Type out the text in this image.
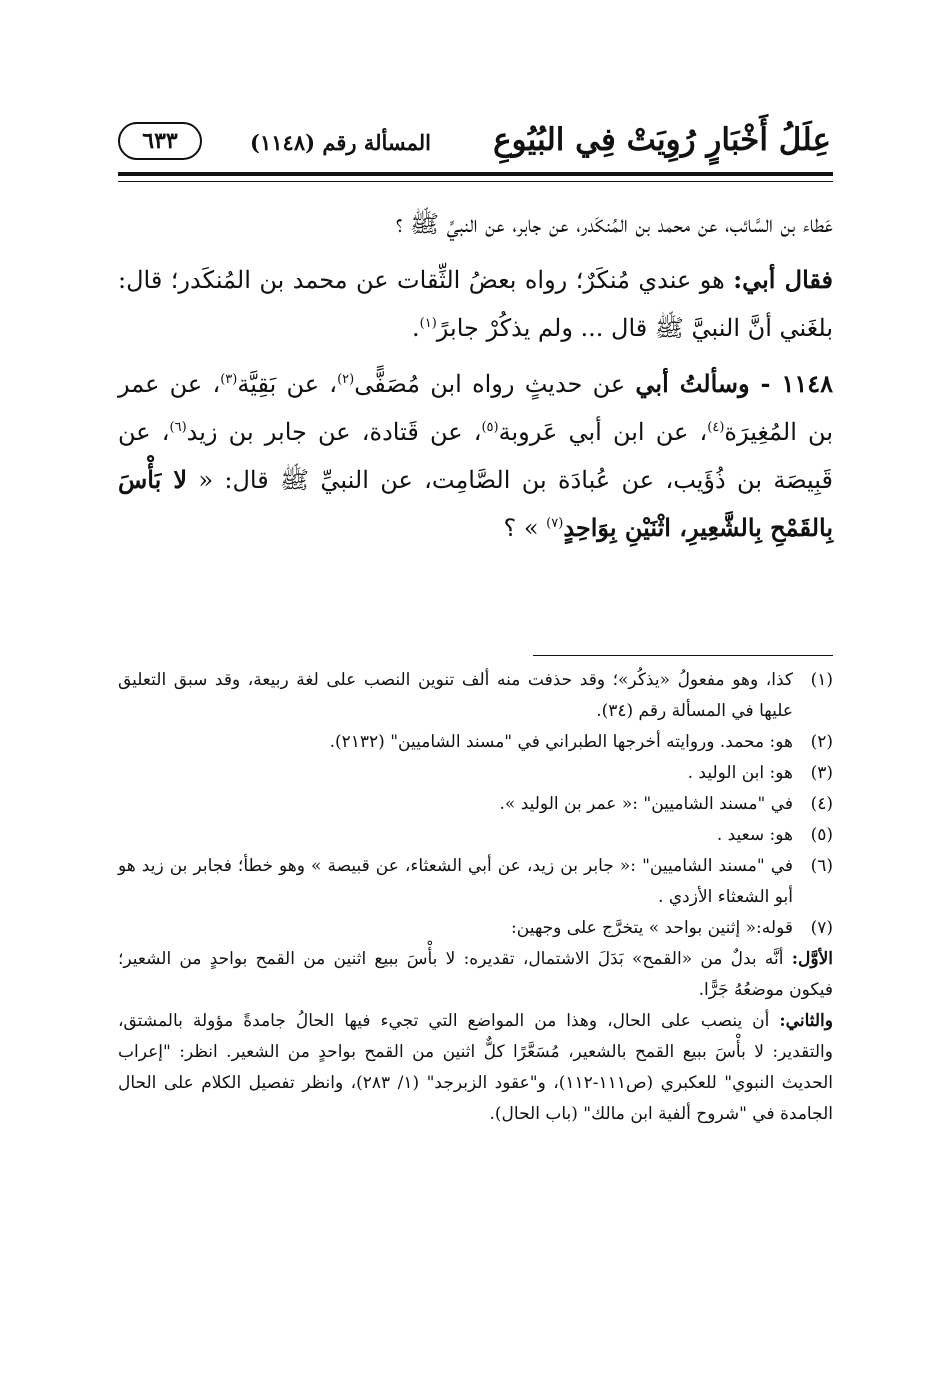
عِلَلُ أَخْبَارٍ رُوِيَتْ فِي البُيُوعِ
المسألة رقم (١١٤٨)
٦٣٣

عَطاء بن السَّائب، عن محمد بن المُنكَدر، عن جابر، عن النبيِّ ﷺ ؟

فقال أبي: هو عندي مُنكَرٌ؛ رواه بعضُ الثِّقات عن محمد بن المُنكَدر؛ قال: بلغَني أنَّ النبيَّ ﷺ قال ... ولم يذكُرْ جابرً$^{(١)}$.

١١٤٨ - وسألتُ أبي عن حديثٍ رواه ابن مُصَفًّى$^{(٢)}$، عن بَقِيَّة$^{(٣)}$، عن عمر بن المُغِيرَة$^{(٤)}$، عن ابن أبي عَروبة$^{(٥)}$، عن قَتادة، عن جابر بن زيد$^{(٦)}$، عن قَبِيصَة بن ذُؤَيب، عن عُبادَة بن الصَّامِت، عن النبيِّ ﷺ قال: « لا بَأْسَ بِالقَمْحِ بِالشَّعِيرِ، اثْنَيْنِ بِوَاحِدٍ$^{(٧)}$ » ؟

(١)
كذا، وهو مفعولُ «يذكُر»؛ وقد حذفت منه ألف تنوين النصب على لغة ربيعة، وقد سبق التعليق عليها في المسألة رقم (٣٤).
(٢)
هو: محمد. وروايته أخرجها الطبراني في "مسند الشاميين" (٢١٣٢).
(٣)
هو: ابن الوليد .
(٤)
في "مسند الشاميين" :« عمر بن الوليد ».
(٥)
هو: سعيد .
(٦)
في "مسند الشاميين" :« جابر بن زيد، عن أبي الشعثاء، عن قبيصة » وهو خطأ؛ فجابر بن زيد هو أبو الشعثاء الأزدي .
(٧)
قوله:« إثنين بواحد » يتخرَّج على وجهين:

الأوَّل: أنَّه بدلٌ من «القمح» بَدَلَ الاشتمال، تقديره: لا بأْسَ ببيع اثنين من القمح بواحدٍ من الشعير؛ فيكون موضعُهُ جَرًّا.

والثاني: أن ينصب على الحال، وهذا من المواضع التي تجيء فيها الحالُ جامدةً مؤولة بالمشتق، والتقدير: لا بأْسَ ببيع القمح بالشعير، مُسَعَّرًا كلٌّ اثنين من القمح بواحدٍ من الشعير. انظر: "إعراب الحديث النبوي" للعكبري (ص١١١-١١٢)، و"عقود الزبرجد" (١/ ٢٨٣)، وانظر تفصيل الكلام على الحال الجامدة في "شروح ألفية ابن مالك" (باب الحال).
